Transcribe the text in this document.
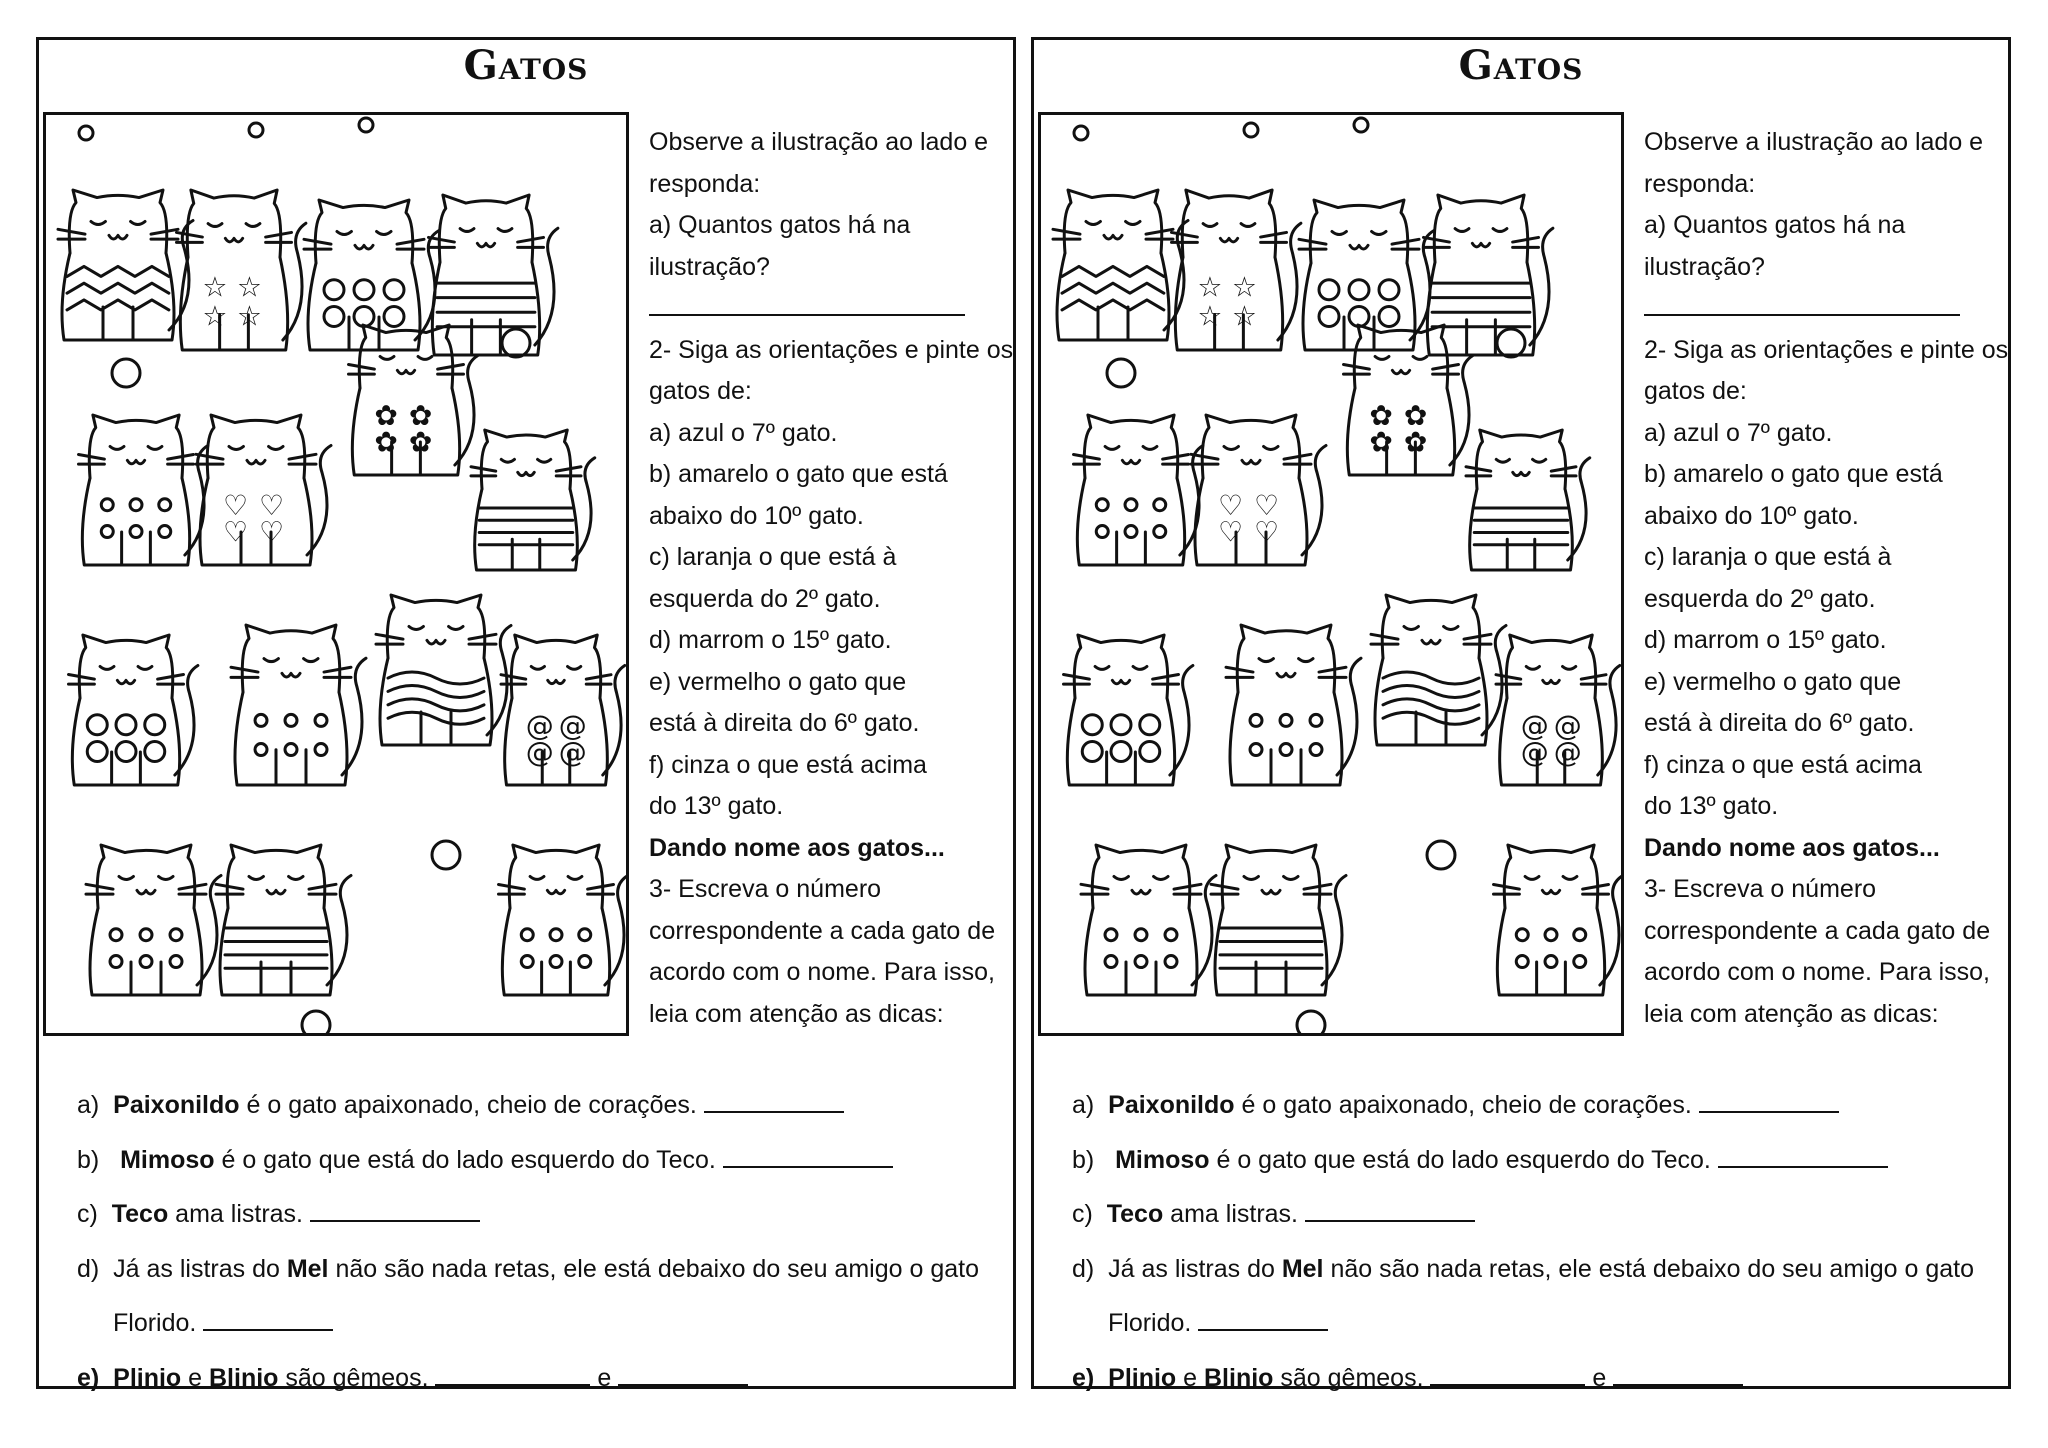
Gatos
☆ ☆
☆ ☆
♡ ♡
♡ ♡
✿ ✿
✿ ✿
@ @
@ @

Observe a ilustração ao lado e

responda:

a) Quantos gatos há na

ilustração?

2- Siga as orientações e pinte os

gatos de:

a) azul o 7º gato.

b) amarelo o gato que está

abaixo do 10º gato.

c) laranja o que está à

esquerda do 2º gato.

d) marrom o 15º gato.

e) vermelho o gato que

está à direita do 6º gato.

f) cinza o que está acima

do 13º gato.

Dando nome aos gatos...

3- Escreva o número

correspondente a cada gato de

acordo com o nome. Para isso,

leia com atenção as dicas:

a) Paixonildo é o gato apaixonado, cheio de corações.

b) Mimoso é o gato que está do lado esquerdo do Teco.

c) Teco ama listras.

d) Já as listras do Mel não são nada retas, ele está debaixo do seu amigo o gato

Florido.

e) Plinio e Blinio são gêmeos.	e

Gatos
☆ ☆
☆ ☆
♡ ♡
♡ ♡
✿ ✿
✿ ✿
@ @
@ @

Observe a ilustração ao lado e

responda:

a) Quantos gatos há na

ilustração?

2- Siga as orientações e pinte os

gatos de:

a) azul o 7º gato.

b) amarelo o gato que está

abaixo do 10º gato.

c) laranja o que está à

esquerda do 2º gato.

d) marrom o 15º gato.

e) vermelho o gato que

está à direita do 6º gato.

f) cinza o que está acima

do 13º gato.

Dando nome aos gatos...

3- Escreva o número

correspondente a cada gato de

acordo com o nome. Para isso,

leia com atenção as dicas:

a) Paixonildo é o gato apaixonado, cheio de corações.

b) Mimoso é o gato que está do lado esquerdo do Teco.

c) Teco ama listras.

d) Já as listras do Mel não são nada retas, ele está debaixo do seu amigo o gato

Florido.

e) Plinio e Blinio são gêmeos.	e
